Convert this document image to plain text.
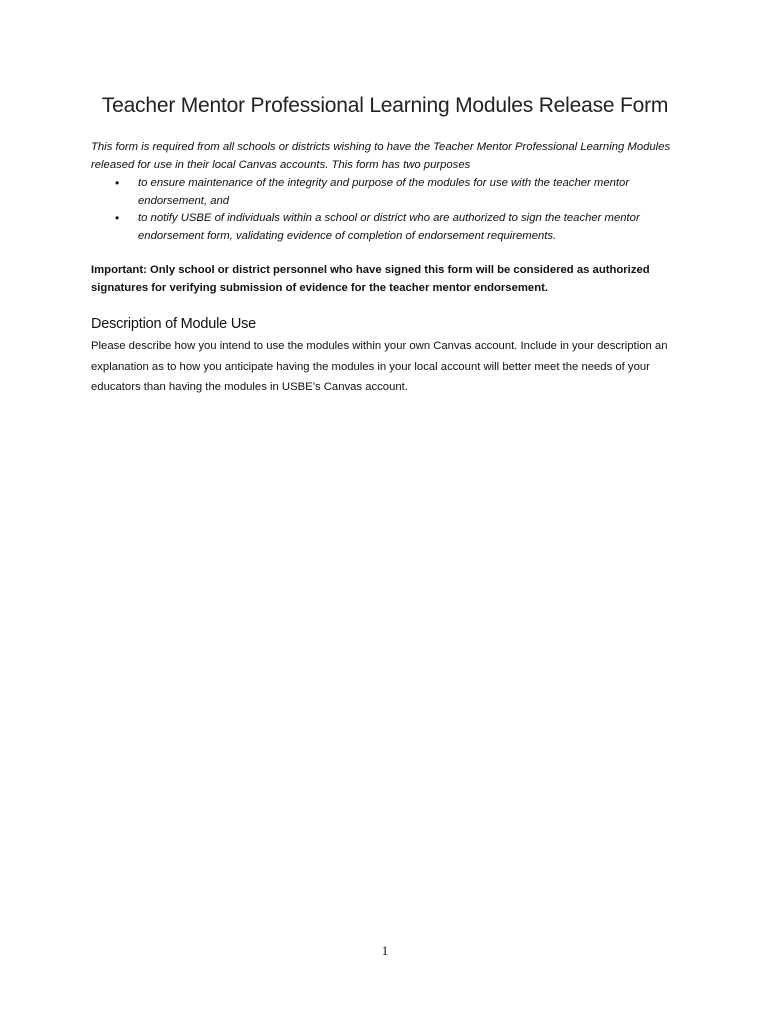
Teacher Mentor Professional Learning Modules Release Form

This form is required from all schools or districts wishing to have the Teacher Mentor Professional Learning Modules released for use in their local Canvas accounts. This form has two purposes

• to ensure maintenance of the integrity and purpose of the modules for use with the teacher mentor endorsement, and
• to notify USBE of individuals within a school or district who are authorized to sign the teacher mentor endorsement form, validating evidence of completion of endorsement requirements.

Important: Only school or district personnel who have signed this form will be considered as authorized signatures for verifying submission of evidence for the teacher mentor endorsement.

Description of Module Use

Please describe how you intend to use the modules within your own Canvas account. Include in your description an explanation as to how you anticipate having the modules in your local account will better meet the needs of your educators than having the modules in USBE’s Canvas account.

1
